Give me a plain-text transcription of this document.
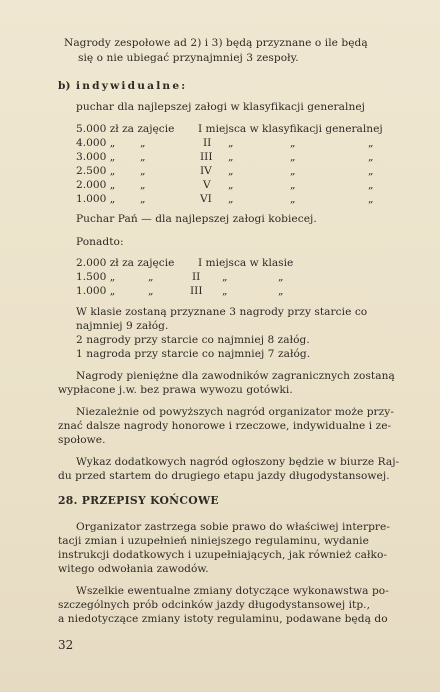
Nagrody zespołowe ad 2) i 3) będą przyznane o ile będą
się o nie ubiegać przynajmniej 3 zespoły.
b) indywidualne:
puchar dla najlepszej załogi w klasyfikacji generalnej
5.000 zł za zajęcie I miejsca w klasyfikacji generalnej
4.000 „ „	II „	„	„
3.000 „ „	III „	„	„
2.500 „ „	IV „	„	„
2.000 „ „	V „	„	„
1.000 „ „	VI „	„	„
Puchar Pań — dla najlepszej załogi kobiecej.
Ponadto:
2.000 zł za zajęcie I miejsca w klasie
1.500 „	„	II „	„
1.000 „	„	III „	„
W klasie zostaną przyznane 3 nagrody przy starcie co
najmniej 9 załóg.
2 nagrody przy starcie co najmniej 8 załóg.
1 nagroda przy starcie co najmniej 7 załóg.
Nagrody pieniężne dla zawodników zagranicznych zostaną
wypłacone j.w. bez prawa wywozu gotówki.
Niezależnie od powyższych nagród organizator może przy-
znać dalsze nagrody honorowe i rzeczowe, indywidualne i ze-
społowe.
Wykaz dodatkowych nagród ogłoszony będzie w biurze Raj-
du przed startem do drugiego etapu jazdy długodystansowej.
28. PRZEPISY KOŃCOWE
Organizator zastrzega sobie prawo do właściwej interpre-
tacji zmian i uzupełnień niniejszego regulaminu, wydanie
instrukcji dodatkowych i uzupełniających, jak również całko-
witego odwołania zawodów.
Wszelkie ewentualne zmiany dotyczące wykonawstwa po-
szczególnych prób odcinków jazdy długodystansowej itp.,
a niedotyczące zmiany istoty regulaminu, podawane będą do
32
